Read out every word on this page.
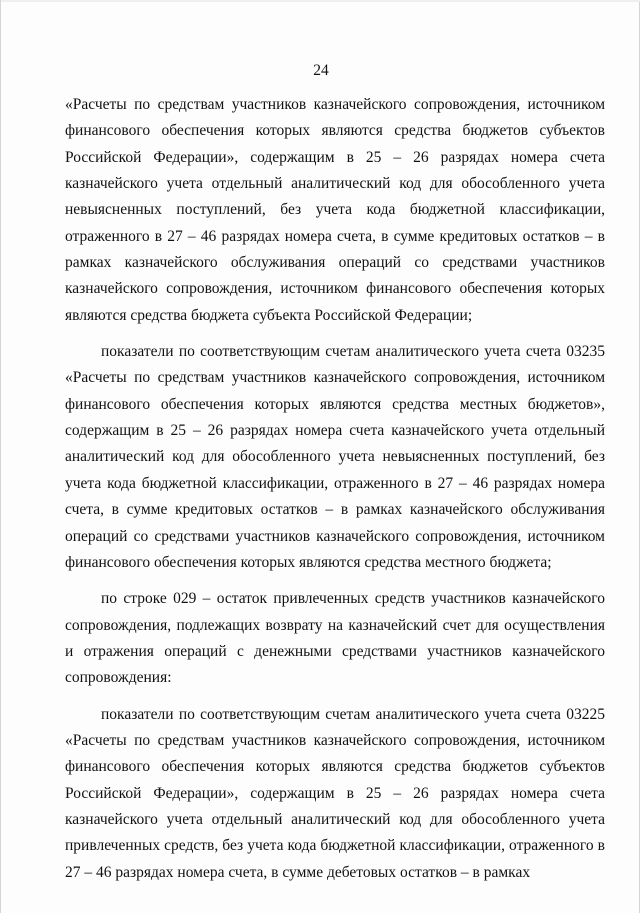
24

«Расчеты по средствам участников казначейского сопровождения, источником финансового обеспечения которых являются средства бюджетов субъектов Российской Федерации», содержащим в 25 – 26 разрядах номера счета казначейского учета отдельный аналитический код для обособленного учета невыясненных поступлений, без учета кода бюджетной классификации, отраженного в 27 – 46 разрядах номера счета, в сумме кредитовых остатков – в рамках казначейского обслуживания операций со средствами участников казначейского сопровождения, источником финансового обеспечения которых являются средства бюджета субъекта Российской Федерации;

показатели по соответствующим счетам аналитического учета счета 03235 «Расчеты по средствам участников казначейского сопровождения, источником финансового обеспечения которых являются средства местных бюджетов», содержащим в 25 – 26 разрядах номера счета казначейского учета отдельный аналитический код для обособленного учета невыясненных поступлений, без учета кода бюджетной классификации, отраженного в 27 – 46 разрядах номера счета, в сумме кредитовых остатков – в рамках казначейского обслуживания операций со средствами участников казначейского сопровождения, источником финансового обеспечения которых являются средства местного бюджета;

по строке 029 – остаток привлеченных средств участников казначейского сопровождения, подлежащих возврату на казначейский счет для осуществления и отражения операций с денежными средствами участников казначейского сопровождения:

показатели по соответствующим счетам аналитического учета счета 03225 «Расчеты по средствам участников казначейского сопровождения, источником финансового обеспечения которых являются средства бюджетов субъектов Российской Федерации», содержащим в 25 – 26 разрядах номера счета казначейского учета отдельный аналитический код для обособленного учета привлеченных средств, без учета кода бюджетной классификации, отраженного в 27 – 46 разрядах номера счета, в сумме дебетовых остатков – в рамках
